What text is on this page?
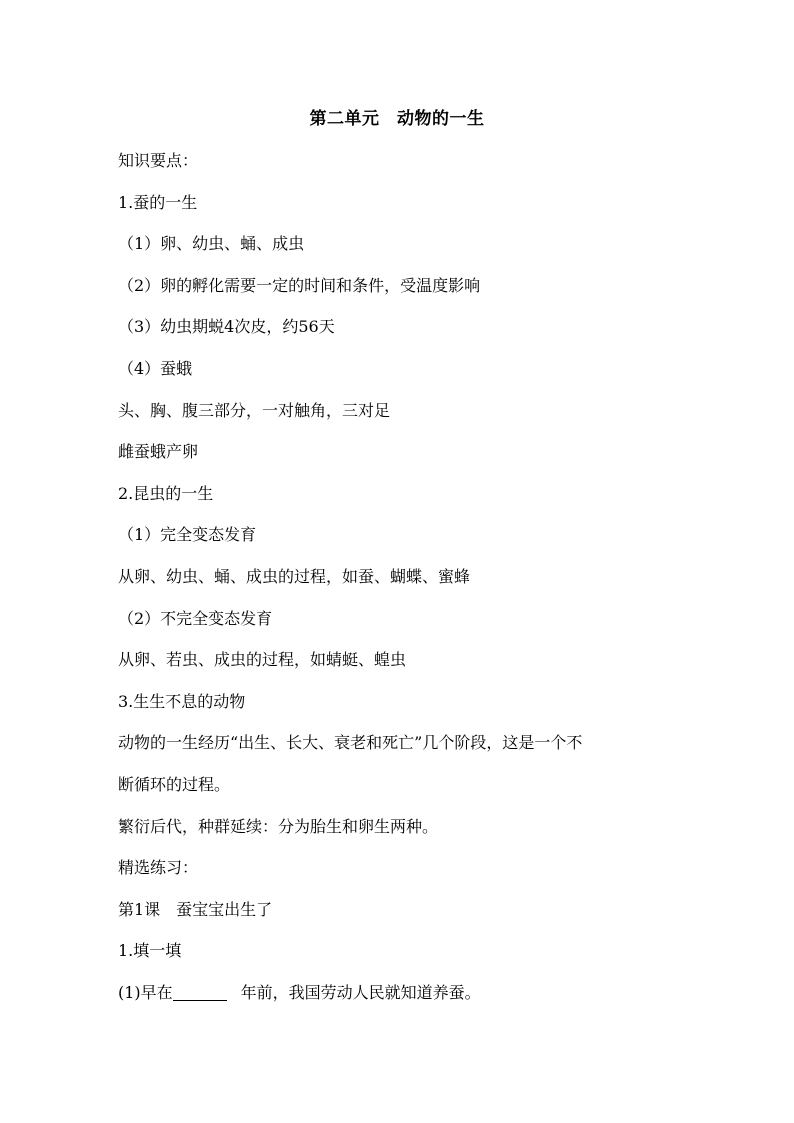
第二单元　动物的一生
知识要点：
1.蚕的一生
（1）卵、幼虫、蛹、成虫
（2）卵的孵化需要一定的时间和条件，受温度影响
（3）幼虫期蜕4次皮，约56天
（4）蚕蛾
头、胸、腹三部分，一对触角，三对足
雌蚕蛾产卵
2.昆虫的一生
（1）完全变态发育
从卵、幼虫、蛹、成虫的过程，如蚕、蝴蝶、蜜蜂
（2）不完全变态发育
从卵、若虫、成虫的过程，如蜻蜓、蝗虫
3.生生不息的动物
动物的一生经历“出生、长大、衰老和死亡”几个阶段，这是一个不
断循环的过程。
繁衍后代，种群延续：分为胎生和卵生两种。
精选练习：
第1课　蚕宝宝出生了
1.填一填
(1)早在	年前，我国劳动人民就知道养蚕。
